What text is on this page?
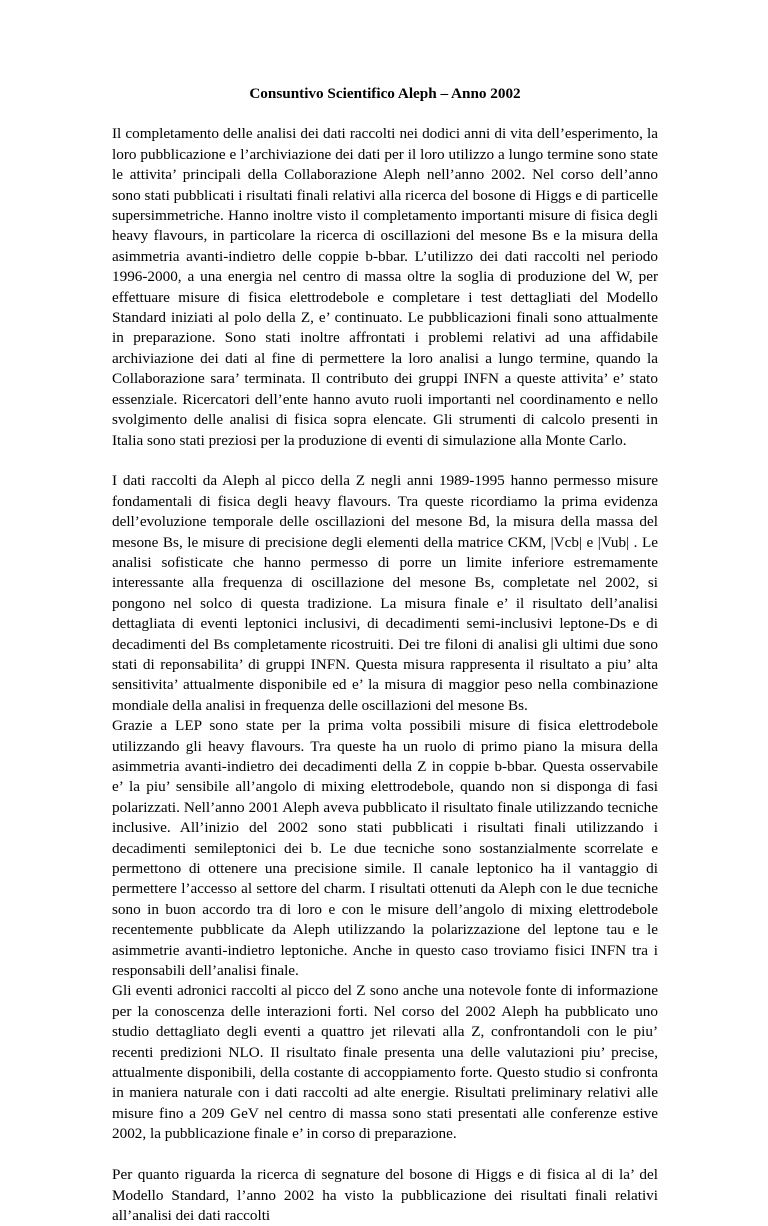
Consuntivo Scientifico Aleph – Anno 2002

Il completamento delle analisi dei dati raccolti nei dodici anni di vita dell’esperimento, la loro pubblicazione e l’archiviazione dei dati per il loro utilizzo a lungo termine sono state le attivita’ principali della Collaborazione Aleph nell’anno 2002. Nel corso dell’anno sono stati pubblicati i risultati finali relativi alla ricerca del bosone di Higgs e di particelle supersimmetriche. Hanno inoltre visto il completamento importanti misure di fisica degli heavy flavours, in particolare la ricerca di oscillazioni del mesone Bs e la misura della asimmetria avanti-indietro delle coppie b-bbar. L’utilizzo dei dati raccolti nel periodo 1996-2000, a una energia nel centro di massa oltre la soglia di produzione del W, per effettuare misure di fisica elettrodebole e completare i test dettagliati del Modello Standard iniziati al polo della Z, e’ continuato. Le pubblicazioni finali sono attualmente in preparazione. Sono stati inoltre affrontati i problemi relativi ad una affidabile archiviazione dei dati al fine di permettere la loro analisi a lungo termine, quando la Collaborazione sara’ terminata. Il contributo dei gruppi INFN a queste attivita’ e’ stato essenziale. Ricercatori dell’ente hanno avuto ruoli importanti nel coordinamento e nello svolgimento delle analisi di fisica sopra elencate. Gli strumenti di calcolo presenti in Italia sono stati preziosi per la produzione di eventi di simulazione alla Monte Carlo.

I dati raccolti da Aleph al picco della Z negli anni 1989-1995 hanno permesso misure fondamentali di fisica degli heavy flavours. Tra queste ricordiamo la prima evidenza dell’evoluzione temporale delle oscillazioni del mesone Bd, la misura della massa del mesone Bs, le misure di precisione degli elementi della matrice CKM, |Vcb| e |Vub| . Le analisi sofisticate che hanno permesso di porre un limite inferiore estremamente interessante alla frequenza di oscillazione del mesone Bs, completate nel 2002, si pongono nel solco di questa tradizione. La misura finale e’ il risultato dell’analisi dettagliata di eventi leptonici inclusivi, di decadimenti semi-inclusivi leptone-Ds e di decadimenti del Bs completamente ricostruiti. Dei tre filoni di analisi gli ultimi due sono stati di reponsabilita’ di gruppi INFN. Questa misura rappresenta il risultato a piu’ alta sensitivita’ attualmente disponibile ed e’ la misura di maggior peso nella combinazione mondiale della analisi in frequenza delle oscillazioni del mesone Bs.

Grazie a LEP sono state per la prima volta possibili misure di fisica elettrodebole utilizzando gli heavy flavours. Tra queste ha un ruolo di primo piano la misura della asimmetria avanti-indietro dei decadimenti della Z in coppie b-bbar. Questa osservabile e’ la piu’ sensibile all’angolo di mixing elettrodebole, quando non si disponga di fasi polarizzati. Nell’anno 2001 Aleph aveva pubblicato il risultato finale utilizzando tecniche inclusive. All’inizio del 2002 sono stati pubblicati i risultati finali utilizzando i decadimenti semileptonici dei b. Le due tecniche sono sostanzialmente scorrelate e permettono di ottenere una precisione simile. Il canale leptonico ha il vantaggio di permettere l’accesso al settore del charm. I risultati ottenuti da Aleph con le due tecniche sono in buon accordo tra di loro e con le misure dell’angolo di mixing elettrodebole recentemente pubblicate da Aleph utilizzando la polarizzazione del leptone tau e le asimmetrie avanti-indietro leptoniche. Anche in questo caso troviamo fisici INFN tra i responsabili dell’analisi finale.

Gli eventi adronici raccolti al picco del Z sono anche una notevole fonte di informazione per la conoscenza delle interazioni forti. Nel corso del 2002 Aleph ha pubblicato uno studio dettagliato degli eventi a quattro jet rilevati alla Z, confrontandoli con le piu’ recenti predizioni NLO. Il risultato finale presenta una delle valutazioni piu’ precise, attualmente disponibili, della costante di accoppiamento forte. Questo studio si confronta in maniera naturale con i dati raccolti ad alte energie. Risultati preliminary relativi alle misure fino a 209 GeV nel centro di massa sono stati presentati alle conferenze estive 2002, la pubblicazione finale e’ in corso di preparazione.

Per quanto riguarda la ricerca di segnature del bosone di Higgs e di fisica al di la’ del Modello Standard, l’anno 2002 ha visto la pubblicazione dei risultati finali relativi all’analisi dei dati raccolti
